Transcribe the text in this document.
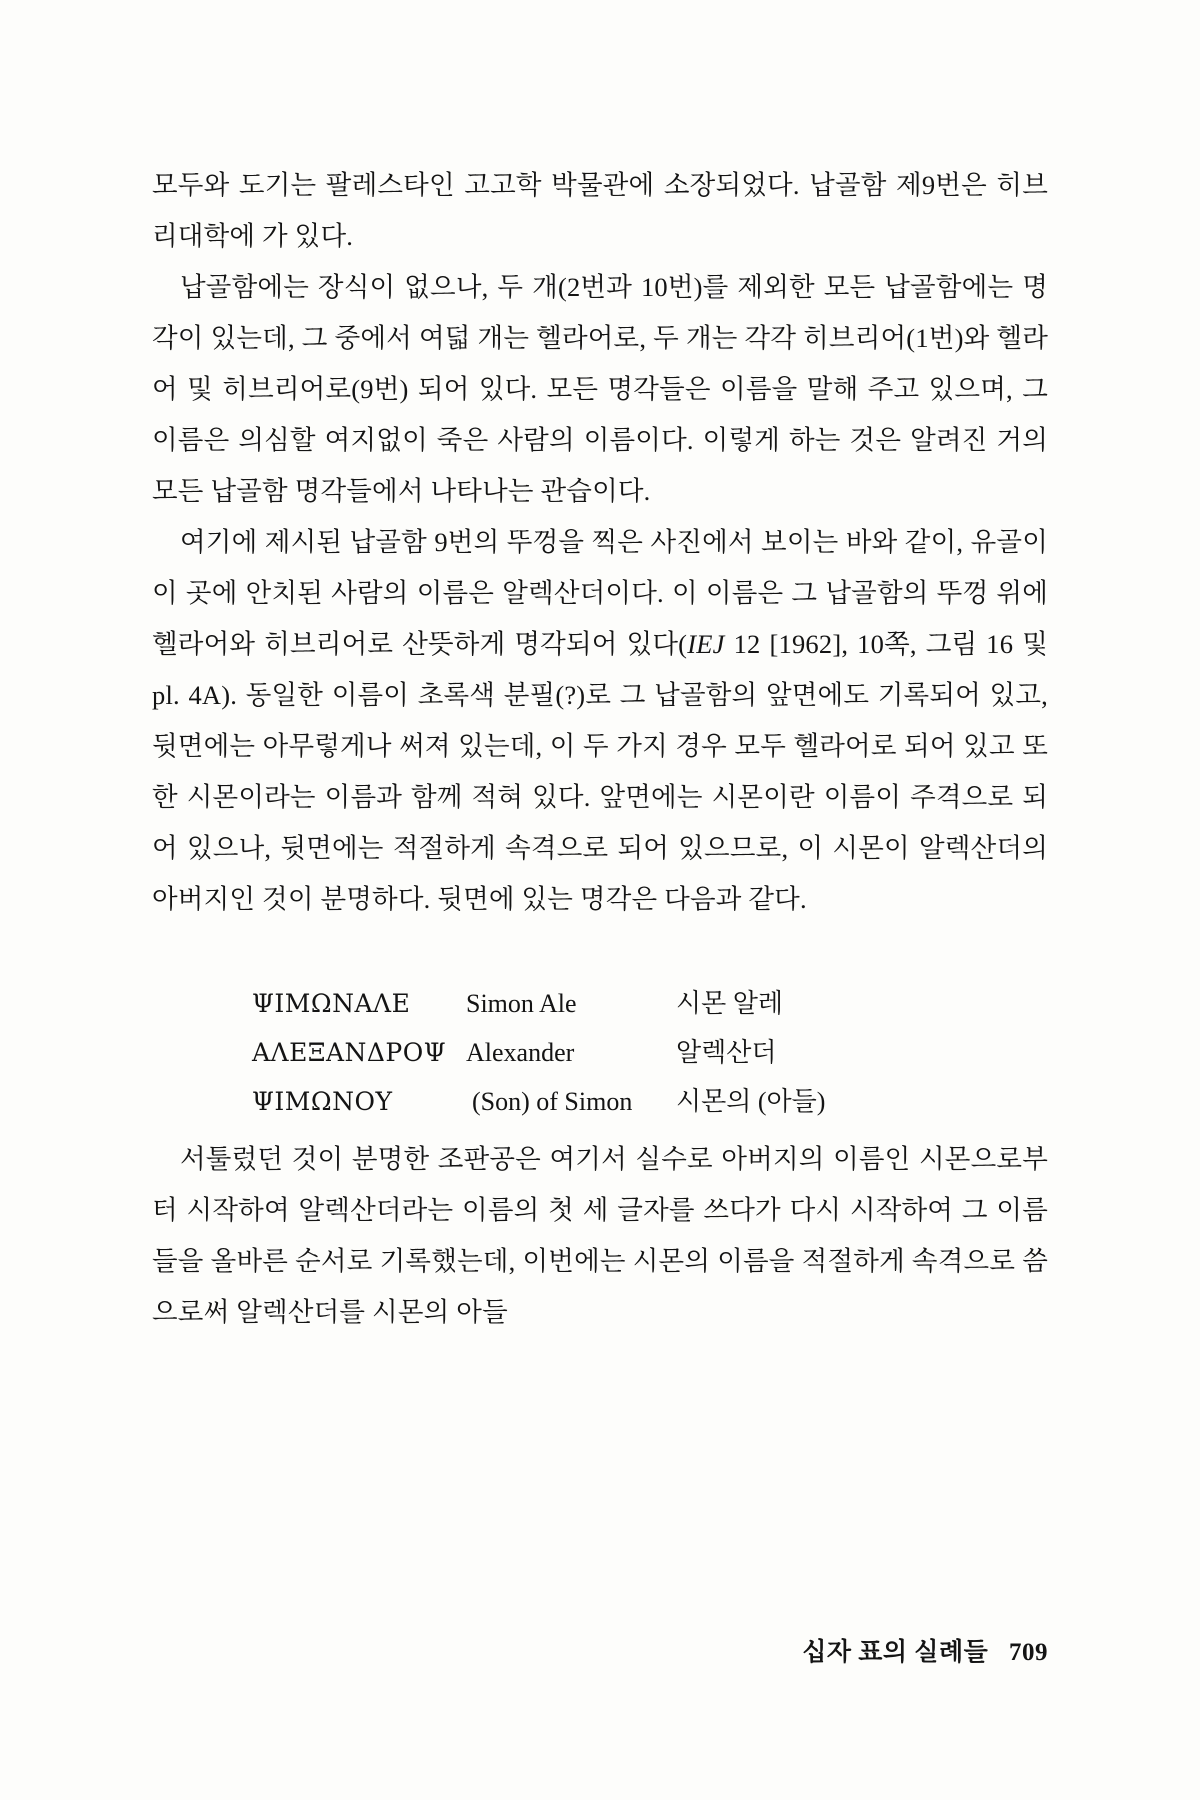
모두와 도기는 팔레스타인 고고학 박물관에 소장되었다. 납골함 제9번은 히브리대학에 가 있다.

납골함에는 장식이 없으나, 두 개(2번과 10번)를 제외한 모든 납골함에는 명각이 있는데, 그 중에서 여덟 개는 헬라어로, 두 개는 각각 히브리어(1번)와 헬라어 및 히브리어로(9번) 되어 있다. 모든 명각들은 이름을 말해 주고 있으며, 그 이름은 의심할 여지없이 죽은 사람의 이름이다. 이렇게 하는 것은 알려진 거의 모든 납골함 명각들에서 나타나는 관습이다.

여기에 제시된 납골함 9번의 뚜껑을 찍은 사진에서 보이는 바와 같이, 유골이 이 곳에 안치된 사람의 이름은 알렉산더이다. 이 이름은 그 납골함의 뚜껑 위에 헬라어와 히브리어로 산뜻하게 명각되어 있다(IEJ 12 [1962], 10쪽, 그림 16 및 pl. 4A). 동일한 이름이 초록색 분필(?)로 그 납골함의 앞면에도 기록되어 있고, 뒷면에는 아무렇게나 써져 있는데, 이 두 가지 경우 모두 헬라어로 되어 있고 또한 시몬이라는 이름과 함께 적혀 있다. 앞면에는 시몬이란 이름이 주격으로 되어 있으나, 뒷면에는 적절하게 속격으로 되어 있으므로, 이 시몬이 알렉산더의 아버지인 것이 분명하다. 뒷면에 있는 명각은 다음과 같다.

ΨΙΜΩΝΑΛΕ	Simon Ale	시몬 알레
ΑΛΕΞΑΝΔΡΟΨ Alexander	알렉산더
ΨΙΜΩΝΟΥ	(Son) of Simon	시몬의 (아들)

서툴렀던 것이 분명한 조판공은 여기서 실수로 아버지의 이름인 시몬으로부터 시작하여 알렉산더라는 이름의 첫 세 글자를 쓰다가 다시 시작하여 그 이름들을 올바른 순서로 기록했는데, 이번에는 시몬의 이름을 적절하게 속격으로 씀으로써 알렉산더를 시몬의 아들

십자 표의 실례들 709
